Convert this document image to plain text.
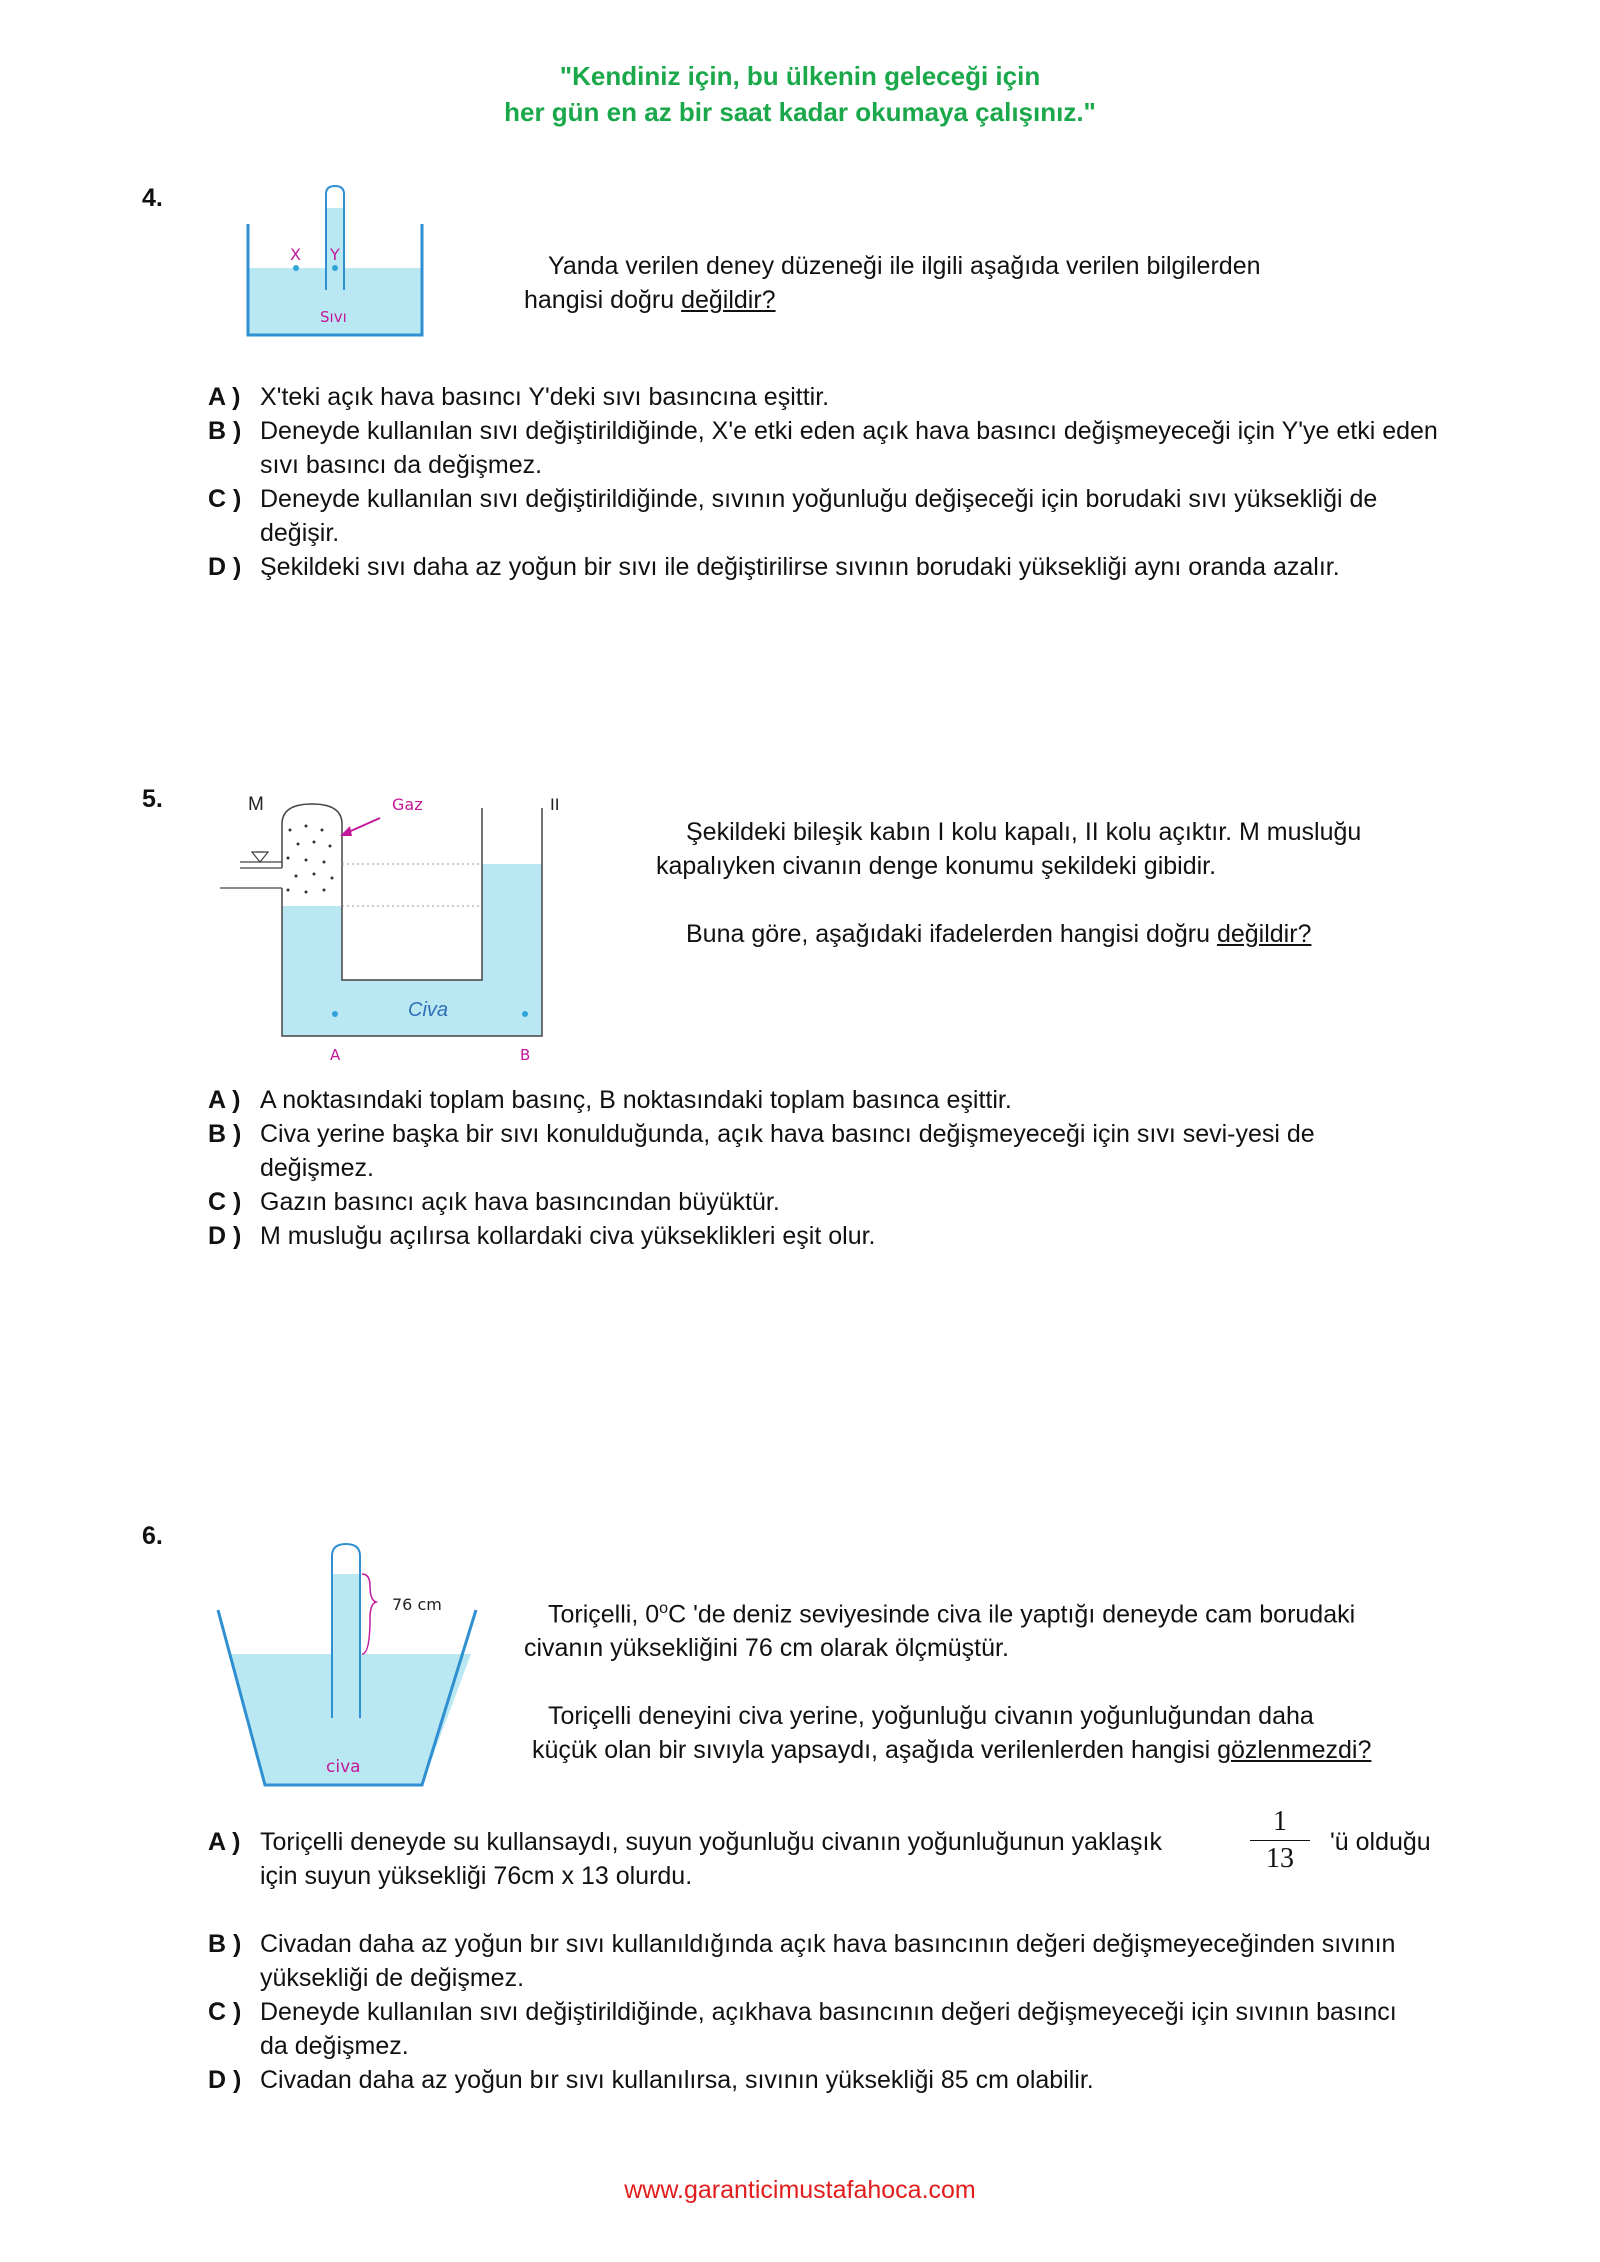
"Kendiniz için, bu ülkenin geleceği için
her gün en az bir saat kadar okumaya çalışınız."
4.
X Y
Sıvı

Yanda verilen deney düzeneği ile ilgili aşağıda verilen bilgilerden

hangisi doğru değildir?

A ) X'teki açık hava basıncı Y'deki sıvı basıncına eşittir.
B ) Deneyde kullanılan sıvı değiştirildiğinde, X'e etki eden açık hava basıncı değişmeyeceği için Y'ye etki eden sıvı basıncı da değişmez.
C ) Deneyde kullanılan sıvı değiştirildiğinde, sıvının yoğunluğu değişeceği için borudaki sıvı yüksekliği de değişir.
D ) Şekildeki sıvı daha az yoğun bir sıvı ile değiştirilirse sıvının borudaki yüksekliği aynı oranda azalır.
5.	M	Gaz	II
Civa
A	B

Şekildeki bileşik kabın I kolu kapalı, II kolu açıktır. M musluğu

kapalıyken civanın denge konumu şekildeki gibidir.

Buna göre, aşağıdaki ifadelerden hangisi doğru değildir?

A ) A noktasındaki toplam basınç, B noktasındaki toplam basınca eşittir.
B ) Civa yerine başka bir sıvı konulduğunda, açık hava basıncı değişmeyeceği için sıvı sevi-yesi de değişmez.
C ) Gazın basıncı açık hava basıncından büyüktür.
D ) M musluğu açılırsa kollardaki civa yükseklikleri eşit olur.
6.
76 cm
civa

Toriçelli, 0$^o$C 'de deniz seviyesinde civa ile yaptığı deneyde cam borudaki

civanın yüksekliğini 76 cm olarak ölçmüştür.

Toriçelli deneyini civa yerine, yoğunluğu civanın yoğunluğundan daha

küçük olan bir sıvıyla yapsaydı, aşağıda verilenlerden hangisi gözlenmezdi?

A ) Toriçelli deneyde su kullansaydı, suyun yoğunluğu civanın yoğunluğunun yaklaşık
için suyun yüksekliği 76cm x 13 olurdu.
$\frac{1}{13}$ 'ü olduğu
B ) Civadan daha az yoğun bır sıvı kullanıldığında açık hava basıncının değeri değişmeyeceğinden sıvının yüksekliği de değişmez.
C ) Deneyde kullanılan sıvı değiştirildiğinde, açıkhava basıncının değeri değişmeyeceği için sıvının basıncı da değişmez.
D ) Civadan daha az yoğun bır sıvı kullanılırsa, sıvının yüksekliği 85 cm olabilir.
www.garanticimustafahoca.com
